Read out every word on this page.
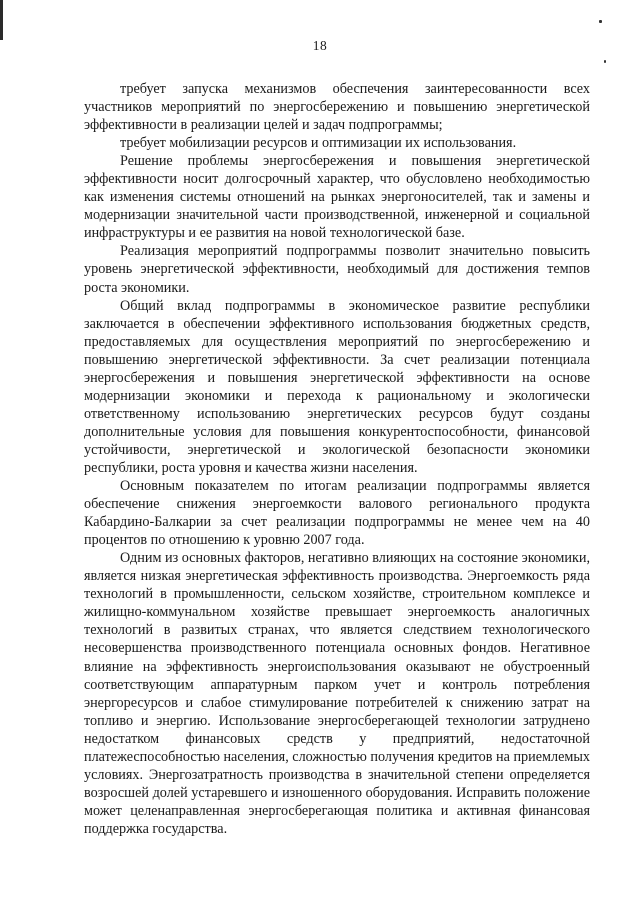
18

требует запуска механизмов обеспечения заинтересованности всех участников мероприятий по энергосбережению и повышению энергетической эффективности в реализации целей и задач подпрограммы;

требует мобилизации ресурсов и оптимизации их использования.

Решение проблемы энергосбережения и повышения энергетической эффективности носит долгосрочный характер, что обусловлено необходимостью как изменения системы отношений на рынках энергоносителей, так и замены и модернизации значительной части производственной, инженерной и социальной инфраструктуры и ее развития на новой технологической базе.

Реализация мероприятий подпрограммы позволит значительно повысить уровень энергетической эффективности, необходимый для достижения темпов роста экономики.

Общий вклад подпрограммы в экономическое развитие республики заключается в обеспечении эффективного использования бюджетных средств, предоставляемых для осуществления мероприятий по энергосбережению и повышению энергетической эффективности. За счет реализации потенциала энергосбережения и повышения энергетической эффективности на основе модернизации экономики и перехода к рациональному и экологически ответственному использованию энергетических ресурсов будут созданы дополнительные условия для повышения конкурентоспособности, финансовой устойчивости, энергетической и экологической безопасности экономики республики, роста уровня и качества жизни населения.

Основным показателем по итогам реализации подпрограммы является обеспечение снижения энергоемкости валового регионального продукта Кабардино-Балкарии за счет реализации подпрограммы не менее чем на 40 процентов по отношению к уровню 2007 года.

Одним из основных факторов, негативно влияющих на состояние экономики, является низкая энергетическая эффективность производства. Энергоемкость ряда технологий в промышленности, сельском хозяйстве, строительном комплексе и жилищно-коммунальном хозяйстве превышает энергоемкость аналогичных технологий в развитых странах, что является следствием технологического несовершенства производственного потенциала основных фондов. Негативное влияние на эффективность энергоиспользования оказывают не обустроенный соответствующим аппаратурным парком учет и контроль потребления энергоресурсов и слабое стимулирование потребителей к снижению затрат на топливо и энергию. Использование энергосберегающей технологии затруднено недостатком финансовых средств у предприятий, недостаточной платежеспособностью населения, сложностью получения кредитов на приемлемых условиях. Энергозатратность производства в значительной степени определяется возросшей долей устаревшего и изношенного оборудования. Исправить положение может целенаправленная энергосберегающая политика и активная финансовая поддержка государства.
